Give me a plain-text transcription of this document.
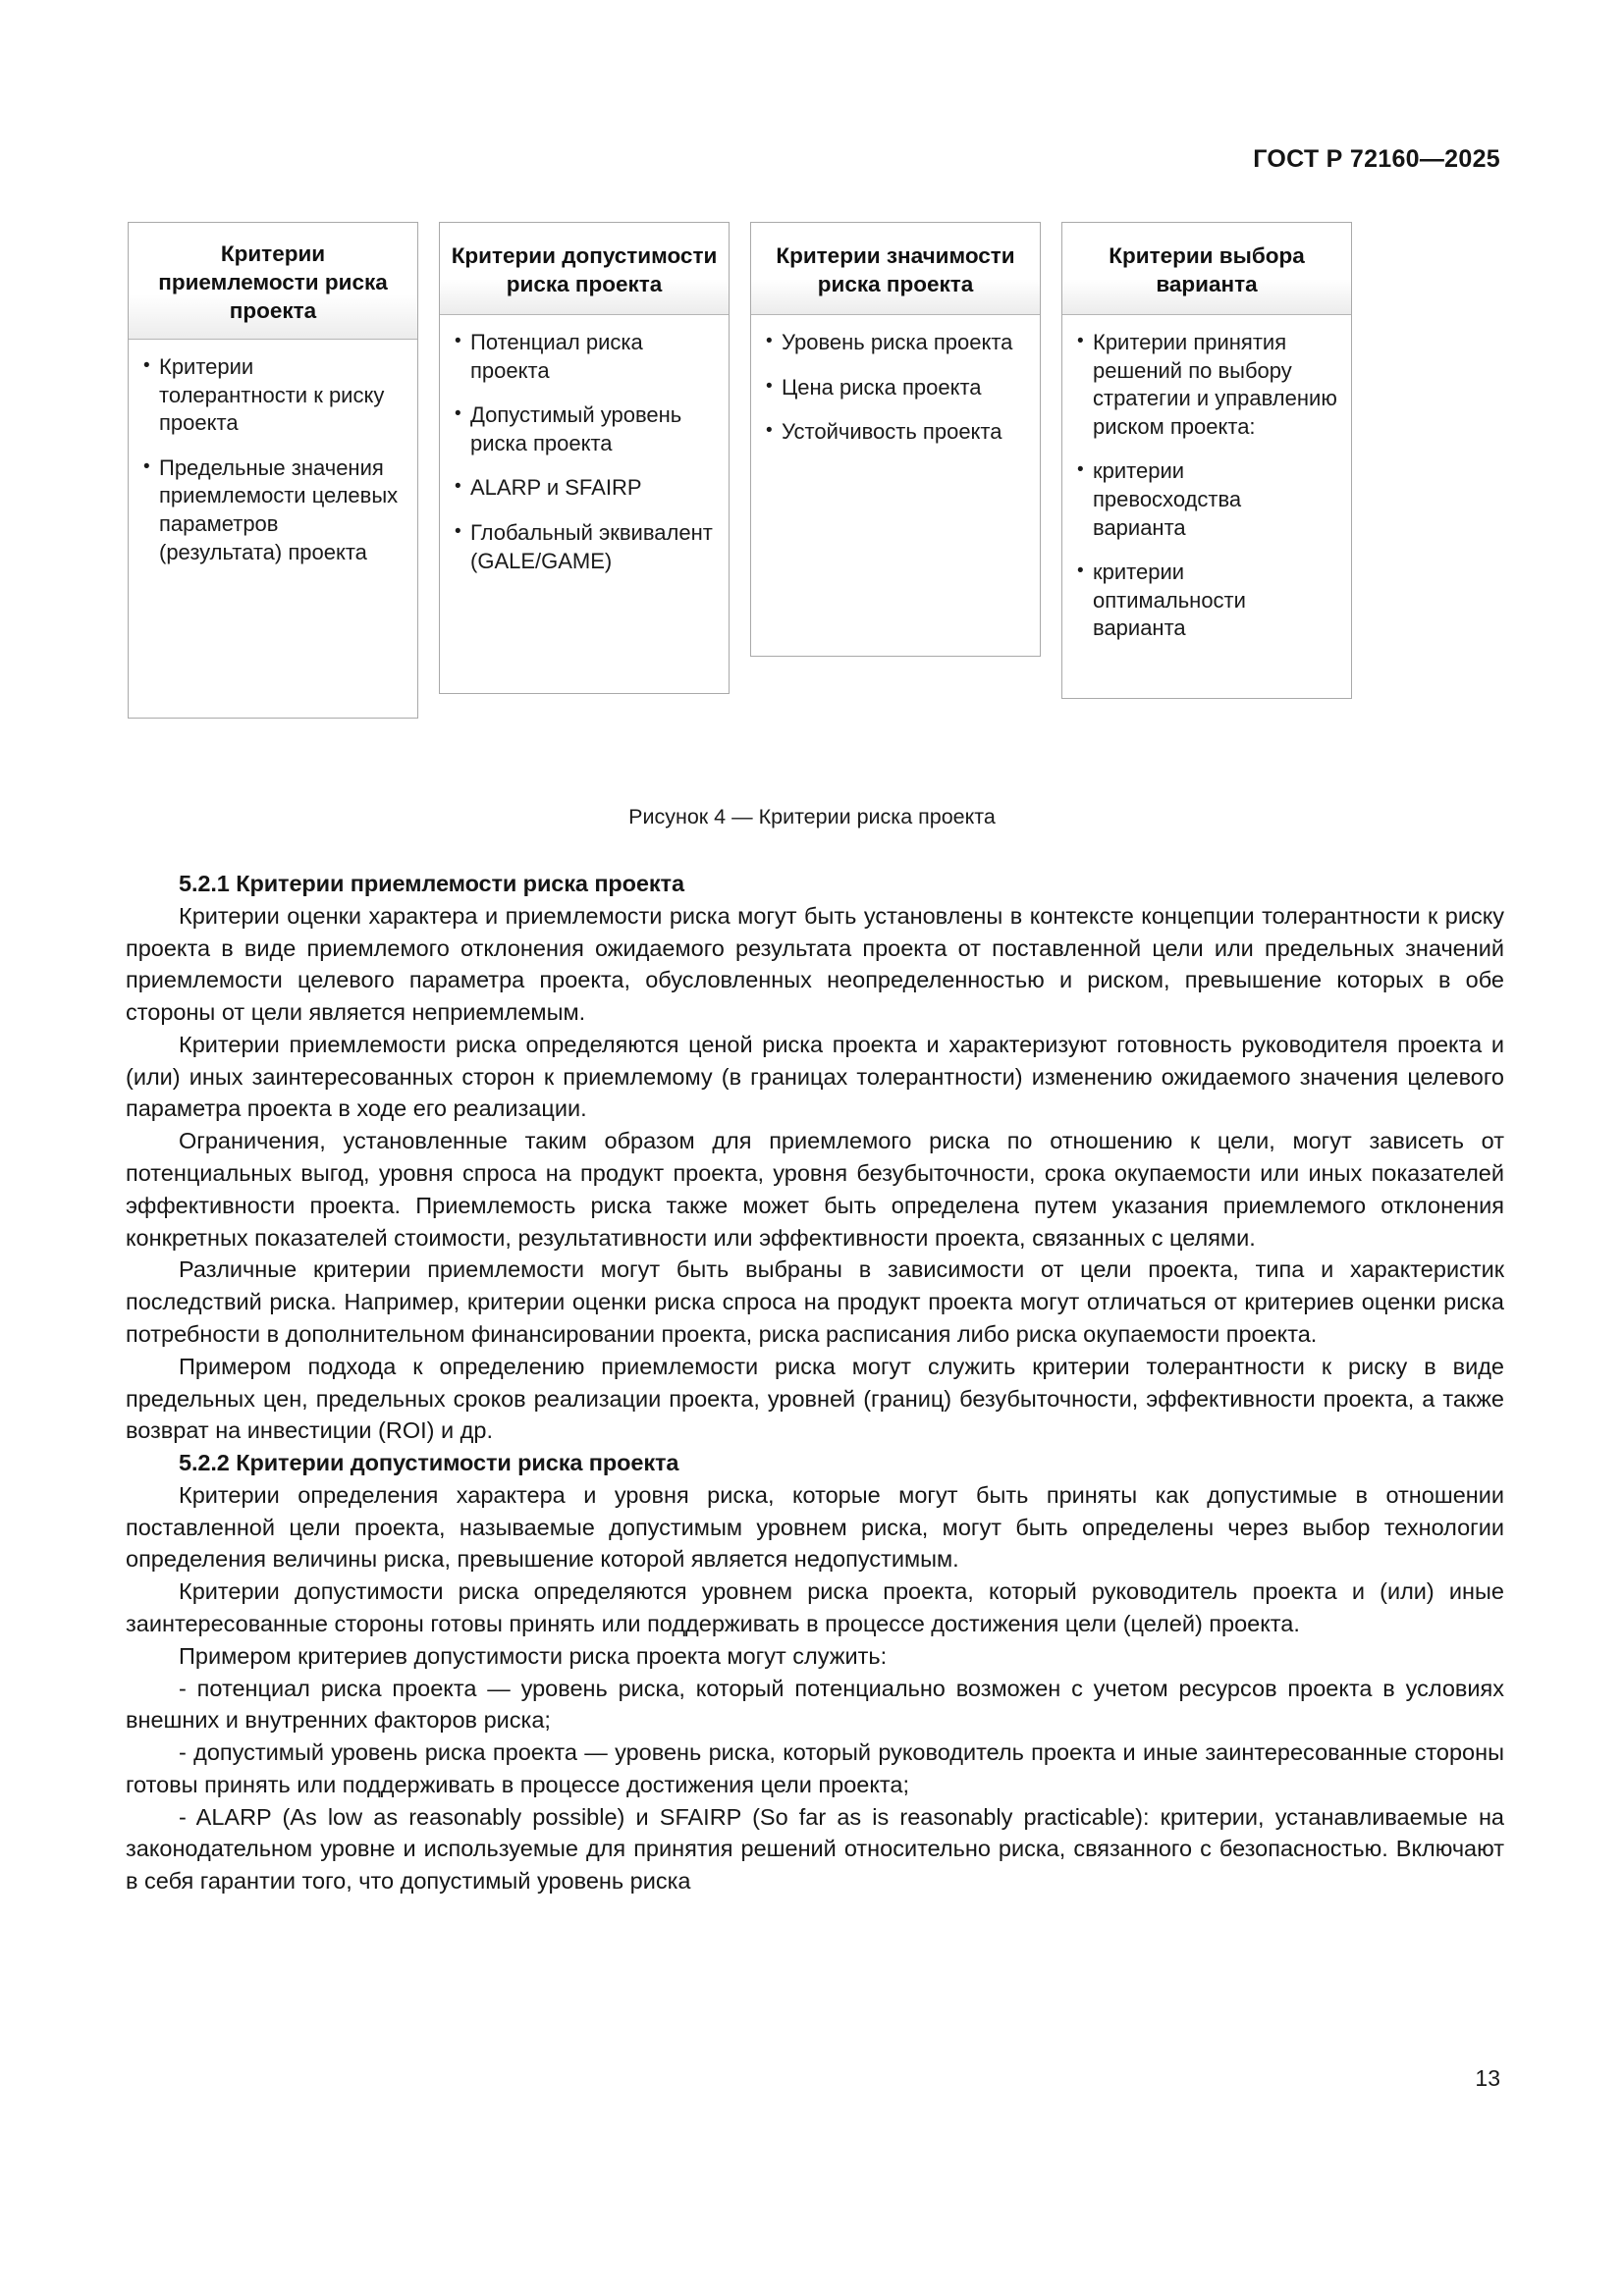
ГОСТ Р 72160—2025
Критерии приемлемости риска проекта
• Критерии толерантности к риску проекта
• Предельные значения приемлемости целевых параметров (результата) проекта
Критерии допустимости риска проекта
• Потенциал риска проекта
• Допустимый уровень риска проекта
• ALARP и SFAIRP
• Глобальный эквивалент (GALE/GAME)
Критерии значимости риска проекта
• Уровень риска проекта
• Цена риска проекта
• Устойчивость проекта
Критерии выбора варианта
• Критерии принятия решений по выбору стратегии и управлению риском проекта:
• критерии превосходства варианта
• критерии оптимальности варианта
Рисунок 4 — Критерии риска проекта

5.2.1 Критерии приемлемости риска проекта

Критерии оценки характера и приемлемости риска могут быть установлены в контексте концепции толерантности к риску проекта в виде приемлемого отклонения ожидаемого результата проекта от поставленной цели или предельных значений приемлемости целевого параметра проекта, обусловленных неопределенностью и риском, превышение которых в обе стороны от цели является неприемлемым.

Критерии приемлемости риска определяются ценой риска проекта и характеризуют готовность руководителя проекта и (или) иных заинтересованных сторон к приемлемому (в границах толерантности) изменению ожидаемого значения целевого параметра проекта в ходе его реализации.

Ограничения, установленные таким образом для приемлемого риска по отношению к цели, могут зависеть от потенциальных выгод, уровня спроса на продукт проекта, уровня безубыточности, срока окупаемости или иных показателей эффективности проекта. Приемлемость риска также может быть определена путем указания приемлемого отклонения конкретных показателей стоимости, результативности или эффективности проекта, связанных с целями.

Различные критерии приемлемости могут быть выбраны в зависимости от цели проекта, типа и характеристик последствий риска. Например, критерии оценки риска спроса на продукт проекта могут отличаться от критериев оценки риска потребности в дополнительном финансировании проекта, риска расписания либо риска окупаемости проекта.

Примером подхода к определению приемлемости риска могут служить критерии толерантности к риску в виде предельных цен, предельных сроков реализации проекта, уровней (границ) безубыточности, эффективности проекта, а также возврат на инвестиции (ROI) и др.

5.2.2 Критерии допустимости риска проекта

Критерии определения характера и уровня риска, которые могут быть приняты как допустимые в отношении поставленной цели проекта, называемые допустимым уровнем риска, могут быть определены через выбор технологии определения величины риска, превышение которой является недопустимым.

Критерии допустимости риска определяются уровнем риска проекта, который руководитель проекта и (или) иные заинтересованные стороны готовы принять или поддерживать в процессе достижения цели (целей) проекта.

Примером критериев допустимости риска проекта могут служить:

- потенциал риска проекта — уровень риска, который потенциально возможен с учетом ресурсов проекта в условиях внешних и внутренних факторов риска;

- допустимый уровень риска проекта — уровень риска, который руководитель проекта и иные заинтересованные стороны готовы принять или поддерживать в процессе достижения цели проекта;

- ALARP (As low as reasonably possible) и SFAIRP (So far as is reasonably practicable): критерии, устанавливаемые на законодательном уровне и используемые для принятия решений относительно риска, связанного с безопасностью. Включают в себя гарантии того, что допустимый уровень риска

13
